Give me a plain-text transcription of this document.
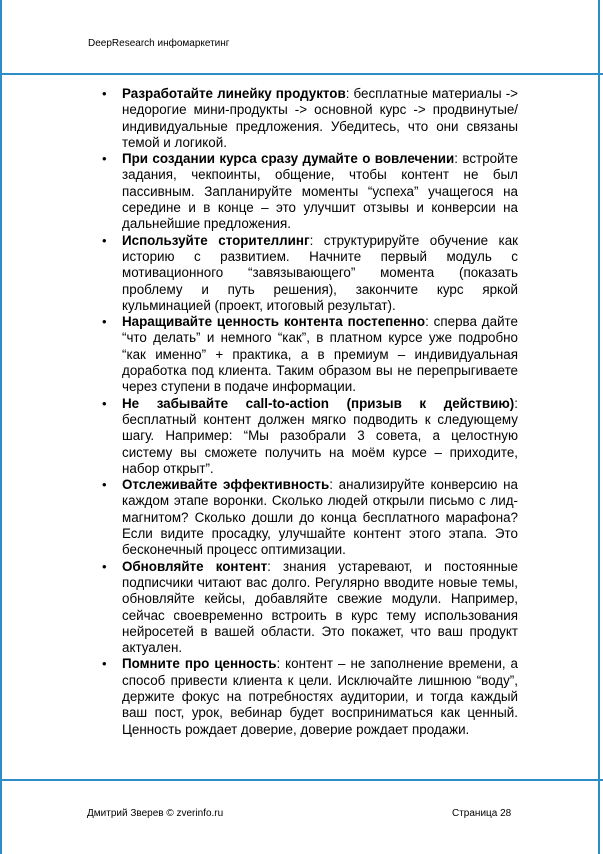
DeepResearch инфомаркетинг
• Разработайте линейку продуктов: бесплатные материалы -> недорогие мини-продукты -> основной курс -> продвинутые/индивидуальные предложения. Убедитесь, что они связаны темой и логикой.
• При создании курса сразу думайте о вовлечении: встройте задания, чекпоинты, общение, чтобы контент не был пассивным. Запланируйте моменты “успеха” учащегося на середине и в конце – это улучшит отзывы и конверсии на дальнейшие предложения.
• Используйте сторителлинг: структурируйте обучение как историю с развитием. Начните первый модуль с мотивационного “завязывающего” момента (показать проблему и путь решения), закончите курс яркой кульминацией (проект, итоговый результат).
• Наращивайте ценность контента постепенно: сперва дайте “что делать” и немного “как”, в платном курсе уже подробно “как именно” + практика, а в премиум – индивидуальная доработка под клиента. Таким образом вы не перепрыгиваете через ступени в подаче информации.
• Не забывайте call-to-action (призыв к действию): бесплатный контент должен мягко подводить к следующему шагу. Например: “Мы разобрали 3 совета, а целостную систему вы сможете получить на моём курсе – приходите, набор открыт”.
• Отслеживайте эффективность: анализируйте конверсию на каждом этапе воронки. Сколько людей открыли письмо с лид-магнитом? Сколько дошли до конца бесплатного марафона? Если видите просадку, улучшайте контент этого этапа. Это бесконечный процесс оптимизации.
• Обновляйте контент: знания устаревают, и постоянные подписчики читают вас долго. Регулярно вводите новые темы, обновляйте кейсы, добавляйте свежие модули. Например, сейчас своевременно встроить в курс тему использования нейросетей в вашей области. Это покажет, что ваш продукт актуален.
• Помните про ценность: контент – не заполнение времени, а способ привести клиента к цели. Исключайте лишнюю “воду”, держите фокус на потребностях аудитории, и тогда каждый ваш пост, урок, вебинар будет восприниматься как ценный. Ценность рождает доверие, доверие рождает продажи.
Дмитрий Зверев © zverinfo.ru	Страница 28
